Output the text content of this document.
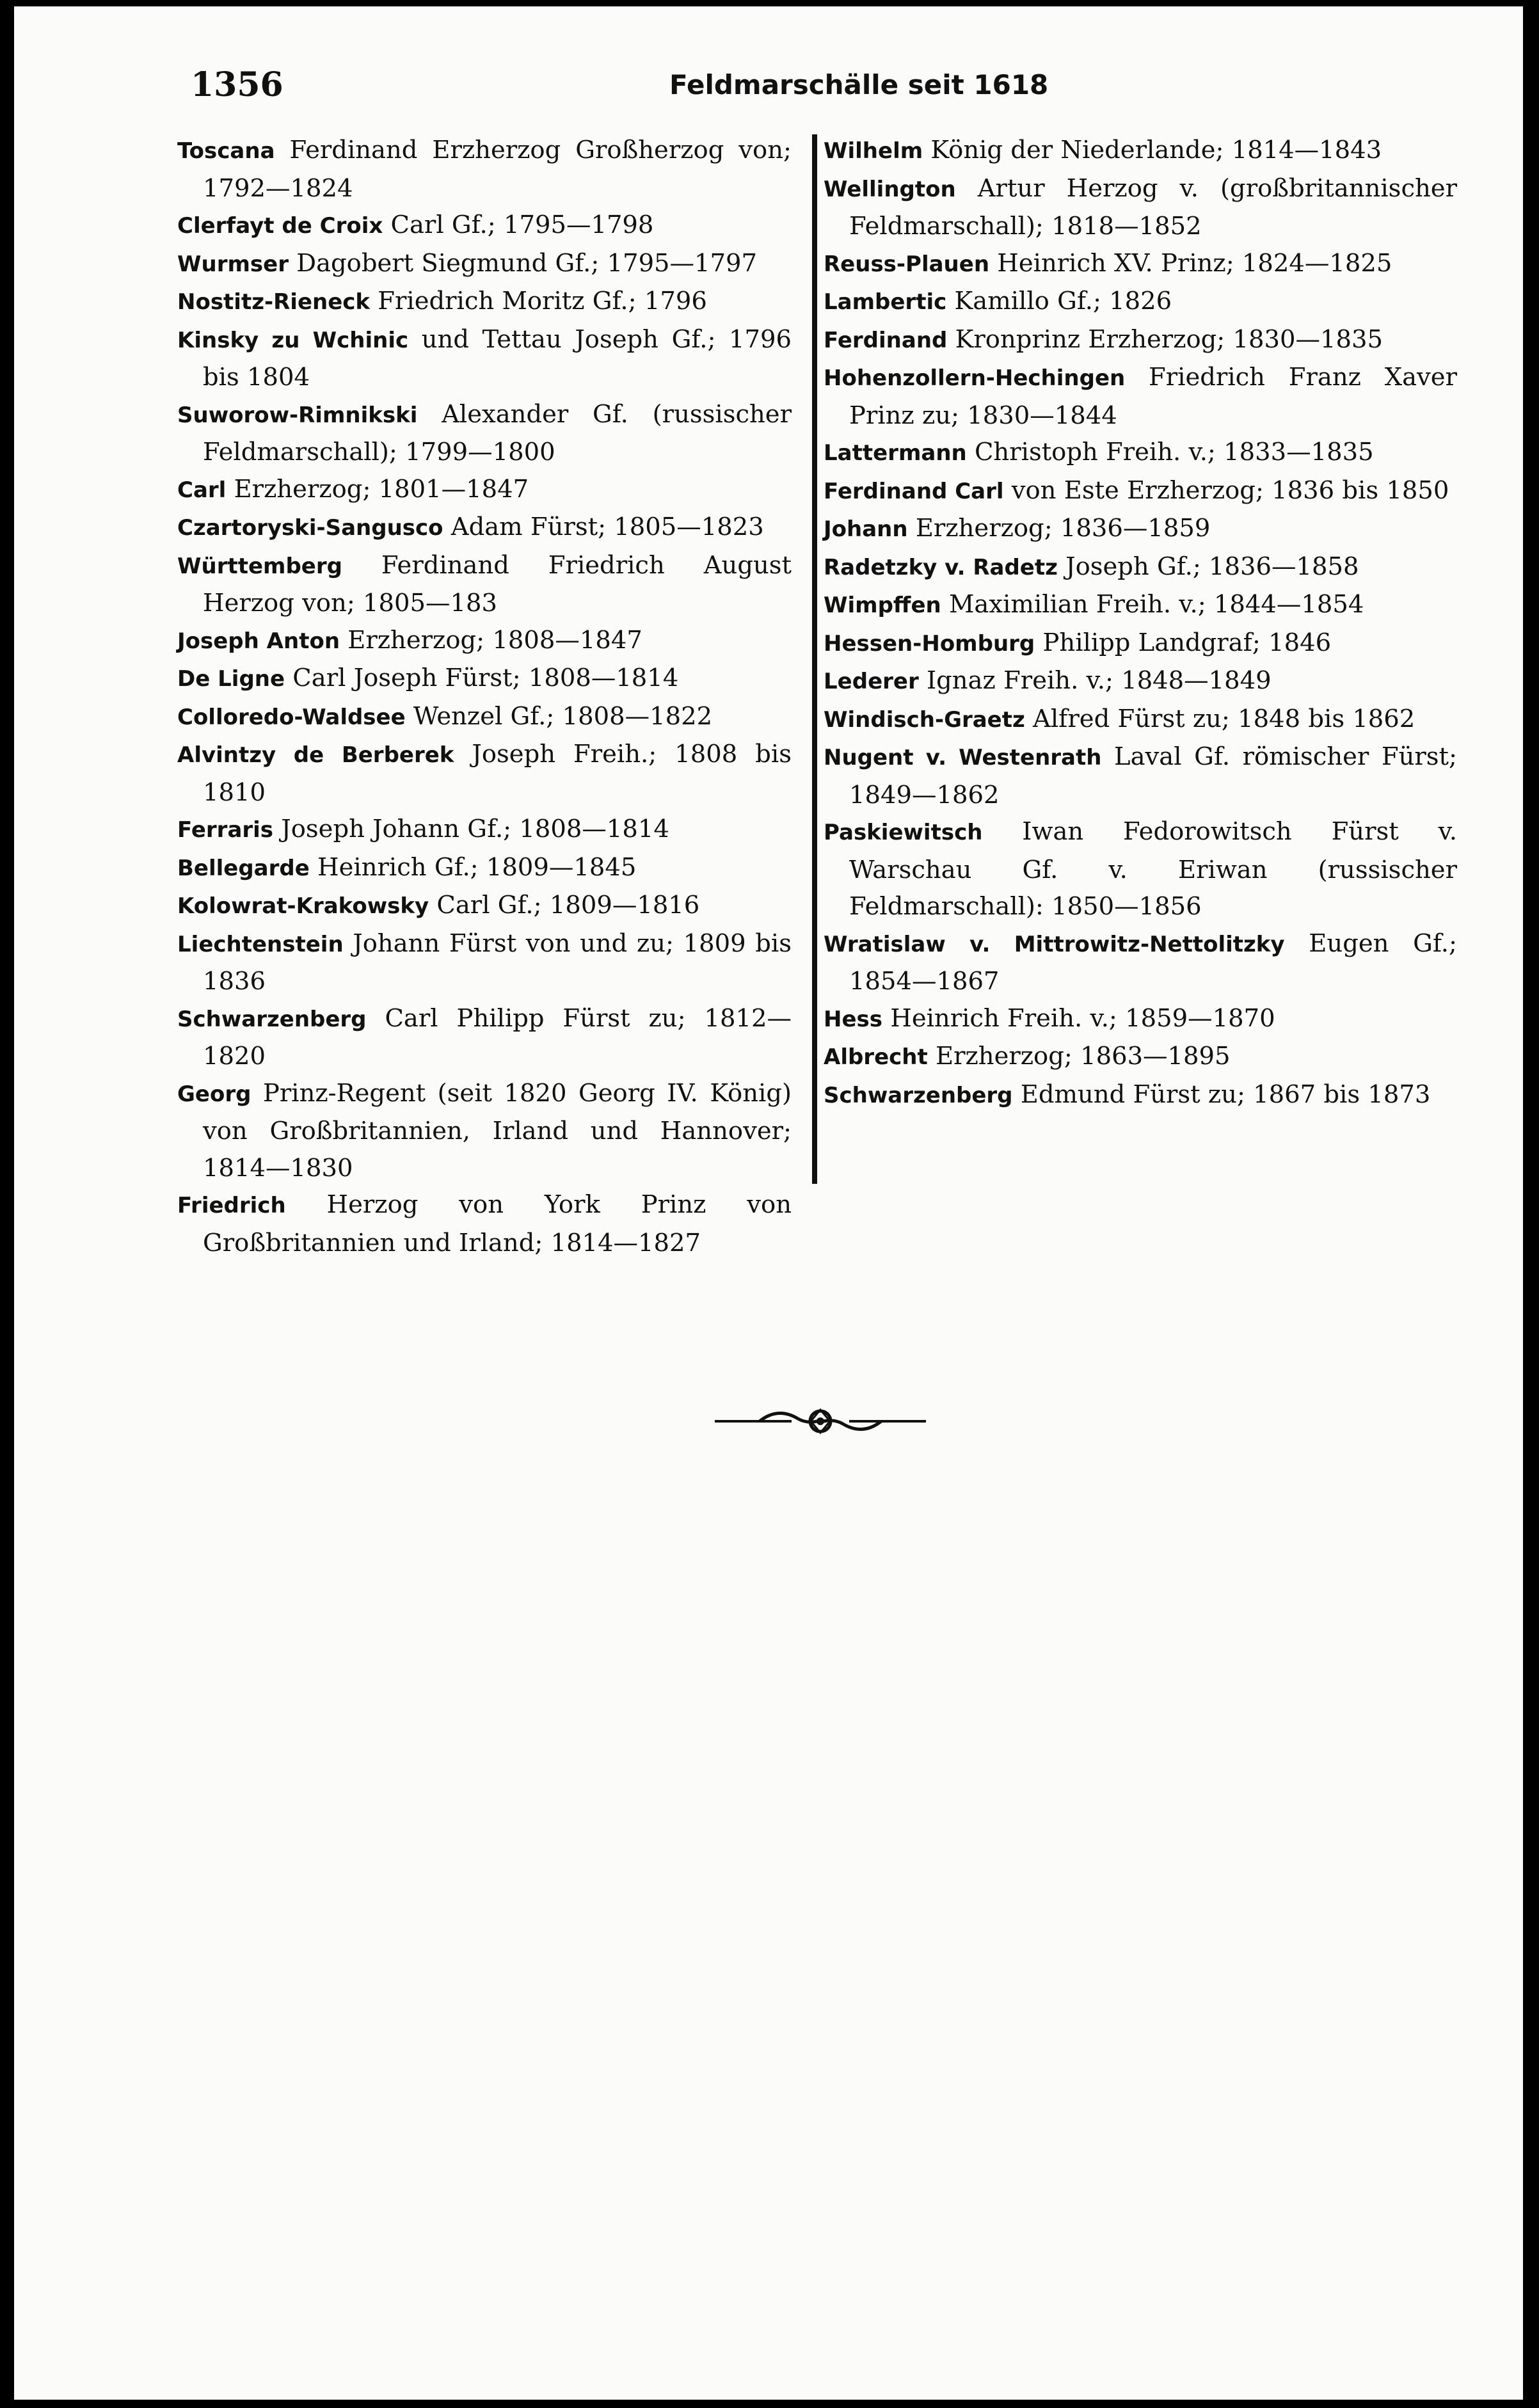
1356	Feldmarschälle seit 1618

Toscana Ferdinand Erzherzog Großherzog von; 1792—1824

Clerfayt de Croix Carl Gf.; 1795—1798

Wurmser Dagobert Siegmund Gf.; 1795—1797

Nostitz-Rieneck Friedrich Moritz Gf.; 1796

Kinsky zu Wchinic und Tettau Joseph Gf.; 1796 bis 1804

Suworow-Rimnikski Alexander Gf. (russischer Feldmarschall); 1799—1800

Carl Erzherzog; 1801—1847

Czartoryski-Sangusco Adam Fürst; 1805—1823

Württemberg Ferdinand Friedrich August Herzog von; 1805—183

Joseph Anton Erzherzog; 1808—1847

De Ligne Carl Joseph Fürst; 1808—1814

Colloredo-Waldsee Wenzel Gf.; 1808—1822

Alvintzy de Berberek Joseph Freih.; 1808 bis 1810

Ferraris Joseph Johann Gf.; 1808—1814

Bellegarde Heinrich Gf.; 1809—1845

Kolowrat-Krakowsky Carl Gf.; 1809—1816

Liechtenstein Johann Fürst von und zu; 1809 bis 1836

Schwarzenberg Carl Philipp Fürst zu; 1812—1820

Georg Prinz-Regent (seit 1820 Georg IV. König) von Großbritannien, Irland und Hannover; 1814—1830

Friedrich Herzog von York Prinz von Großbritannien und Irland; 1814—1827

Wilhelm König der Niederlande; 1814—1843

Wellington Artur Herzog v. (großbritannischer Feldmarschall); 1818—1852

Reuss-Plauen Heinrich XV. Prinz; 1824—1825

Lambertic Kamillo Gf.; 1826

Ferdinand Kronprinz Erzherzog; 1830—1835

Hohenzollern-Hechingen Friedrich Franz Xaver Prinz zu; 1830—1844

Lattermann Christoph Freih. v.; 1833—1835

Ferdinand Carl von Este Erzherzog; 1836 bis 1850

Johann Erzherzog; 1836—1859

Radetzky v. Radetz Joseph Gf.; 1836—1858

Wimpffen Maximilian Freih. v.; 1844—1854

Hessen-Homburg Philipp Landgraf; 1846

Lederer Ignaz Freih. v.; 1848—1849

Windisch-Graetz Alfred Fürst zu; 1848 bis 1862

Nugent v. Westenrath Laval Gf. römischer Fürst; 1849—1862

Paskiewitsch Iwan Fedorowitsch Fürst v. Warschau Gf. v. Eriwan (russischer Feldmarschall): 1850—1856

Wratislaw v. Mittrowitz-Nettolitzky Eugen Gf.; 1854—1867

Hess Heinrich Freih. v.; 1859—1870

Albrecht Erzherzog; 1863—1895

Schwarzenberg Edmund Fürst zu; 1867 bis 1873
